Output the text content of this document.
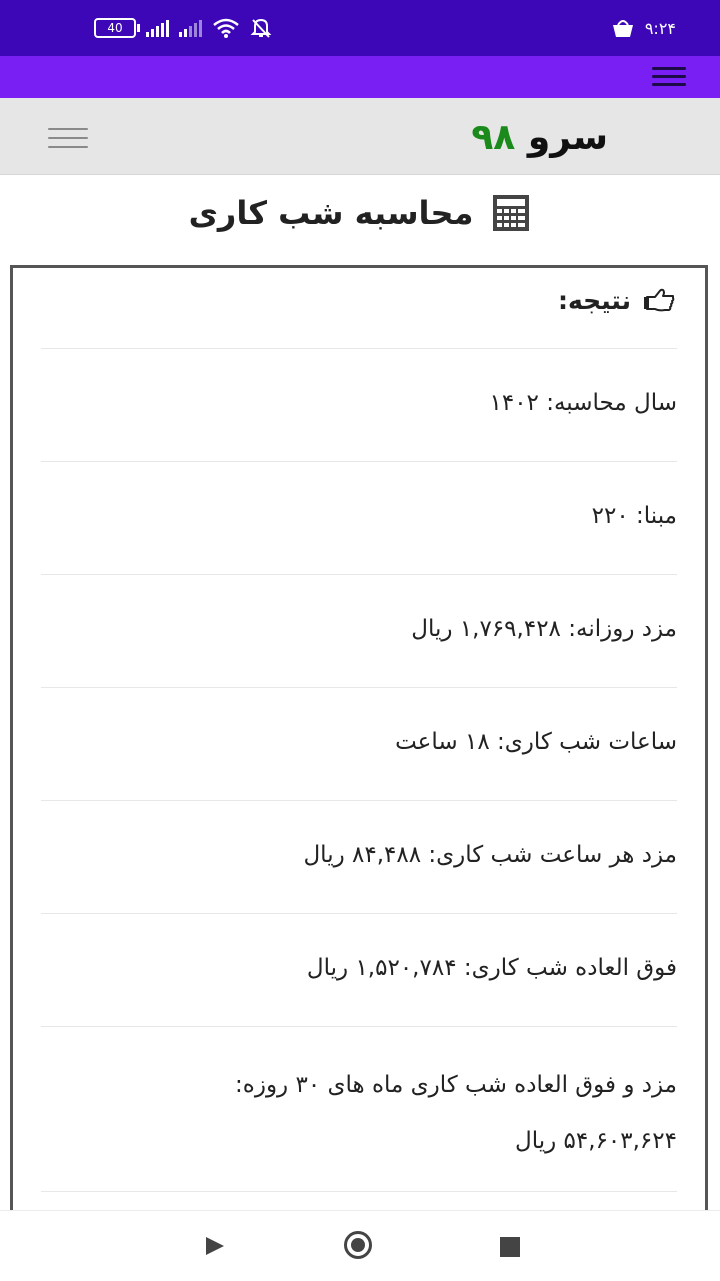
40	۹:۲۴
سرو ۹۸
محاسبه شب کاری
نتیجه:
سال محاسبه: ۱۴۰۲
مبنا: ۲۲۰
مزد روزانه: ۱,۷۶۹,۴۲۸ ریال
ساعات شب کاری: ۱۸ ساعت
مزد هر ساعت شب کاری: ۸۴,۴۸۸ ریال
فوق العاده شب کاری: ۱,۵۲۰,۷۸۴ ریال
مزد و فوق العاده شب کاری ماه های ۳۰ روزه:
۵۴,۶۰۳,۶۲۴ ریال
